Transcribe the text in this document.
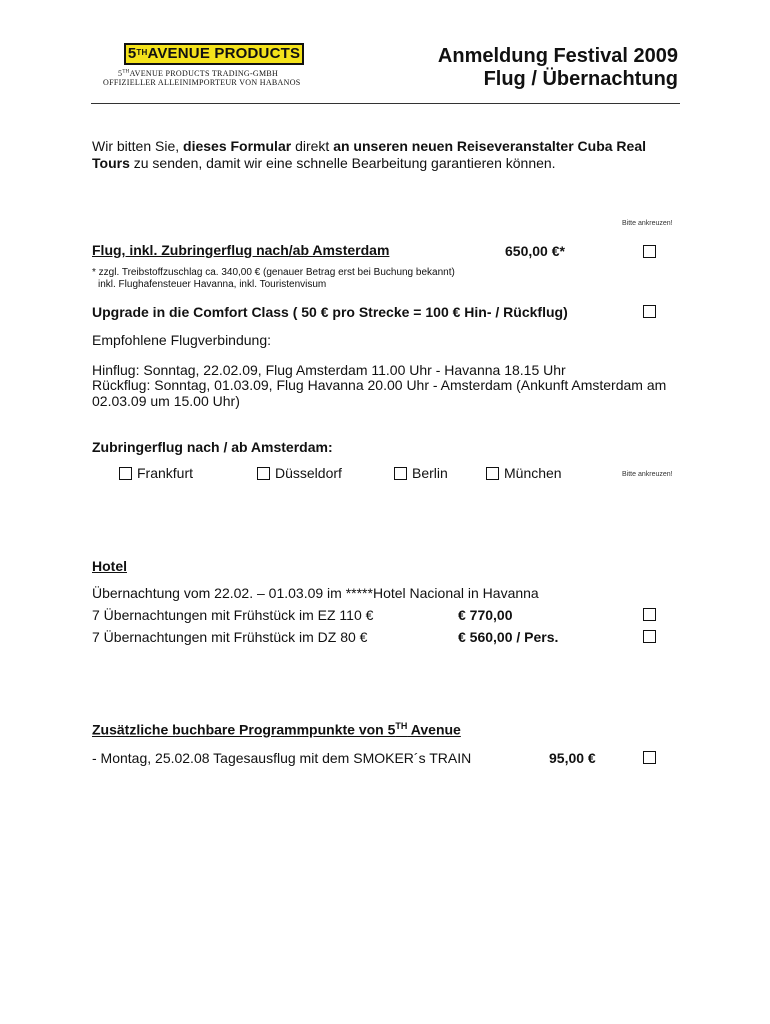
5THAVENUE PRODUCTS
5THAVENUE PRODUCTS TRADING-GMBH
OFFIZIELLER ALLEINIMPORTEUR VON HABANOS
Anmeldung Festival 2009
Flug / Übernachtung
Wir bitten Sie, dieses Formular direkt an unseren neuen Reiseveranstalter Cuba Real Tours zu senden, damit wir eine schnelle Bearbeitung garantieren können.
Bitte ankreuzen!
Flug, inkl. Zubringerflug nach/ab Amsterdam	650,00 €*
* zzgl. Treibstoffzuschlag ca. 340,00 € (genauer Betrag erst bei Buchung bekannt)
inkl. Flughafensteuer Havanna, inkl. Touristenvisum
Upgrade in die Comfort Class ( 50 € pro Strecke = 100 € Hin- / Rückflug)
Empfohlene Flugverbindung:
Hinflug: Sonntag, 22.02.09, Flug Amsterdam 11.00 Uhr - Havanna 18.15 Uhr
Rückflug: Sonntag, 01.03.09, Flug Havanna 20.00 Uhr - Amsterdam (Ankunft Amsterdam am
02.03.09 um 15.00 Uhr)
Zubringerflug nach / ab Amsterdam:
Frankfurt	Düsseldorf	Berlin	München	Bitte ankreuzen!
Hotel
Übernachtung vom 22.02. – 01.03.09 im *****Hotel Nacional in Havanna
7 Übernachtungen mit Frühstück im EZ 110 €	€ 770,00
7 Übernachtungen mit Frühstück im DZ 80 €	€ 560,00 / Pers.
Zusätzliche buchbare Programmpunkte von 5TH Avenue
- Montag, 25.02.08 Tagesausflug mit dem SMOKER´s TRAIN	95,00 €
